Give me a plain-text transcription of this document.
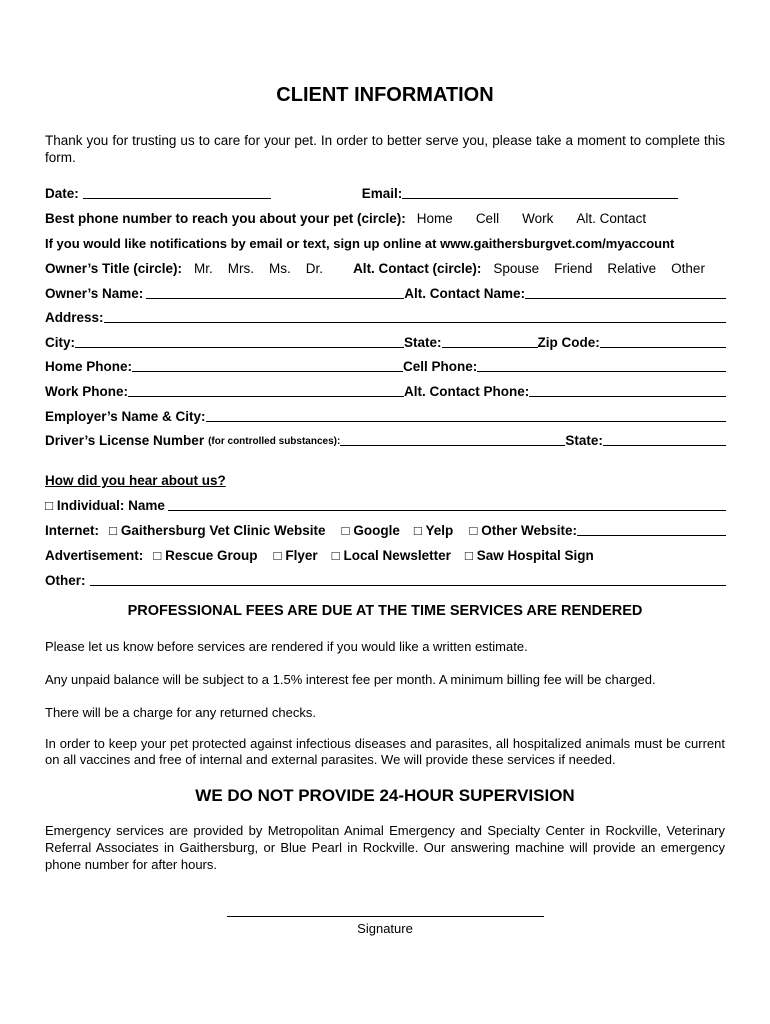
CLIENT INFORMATION
Thank you for trusting us to care for your pet. In order to better serve you, please take a moment to complete this form.
Date:	Email:
Best phone number to reach you about your pet (circle): Home Cell Work Alt. Contact
If you would like notifications by email or text, sign up online at www.gaithersburgvet.com/myaccount
Owner’s Title (circle): Mr. Mrs. Ms. Dr. Alt. Contact (circle): Spouse Friend Relative Other
Owner’s Name:	Alt. Contact Name:
Address:
City:	State:	Zip Code:
Home Phone:	Cell Phone:
Work Phone:	Alt. Contact Phone:
Employer’s Name & City:
Driver’s License Number (for controlled substances):	State:
How did you hear about us?
□ Individual: Name
Internet: □ Gaithersburg Vet Clinic Website □ Google □ Yelp □ Other Website:
Advertisement: □ Rescue Group □ Flyer □ Local Newsletter □ Saw Hospital Sign
Other:
PROFESSIONAL FEES ARE DUE AT THE TIME SERVICES ARE RENDERED
Please let us know before services are rendered if you would like a written estimate.
Any unpaid balance will be subject to a 1.5% interest fee per month. A minimum billing fee will be charged.
There will be a charge for any returned checks.
In order to keep your pet protected against infectious diseases and parasites, all hospitalized animals must be current on all vaccines and free of internal and external parasites. We will provide these services if needed.
WE DO NOT PROVIDE 24-HOUR SUPERVISION
Emergency services are provided by Metropolitan Animal Emergency and Specialty Center in Rockville, Veterinary Referral Associates in Gaithersburg, or Blue Pearl in Rockville. Our answering machine will provide an emergency phone number for after hours.
Signature
